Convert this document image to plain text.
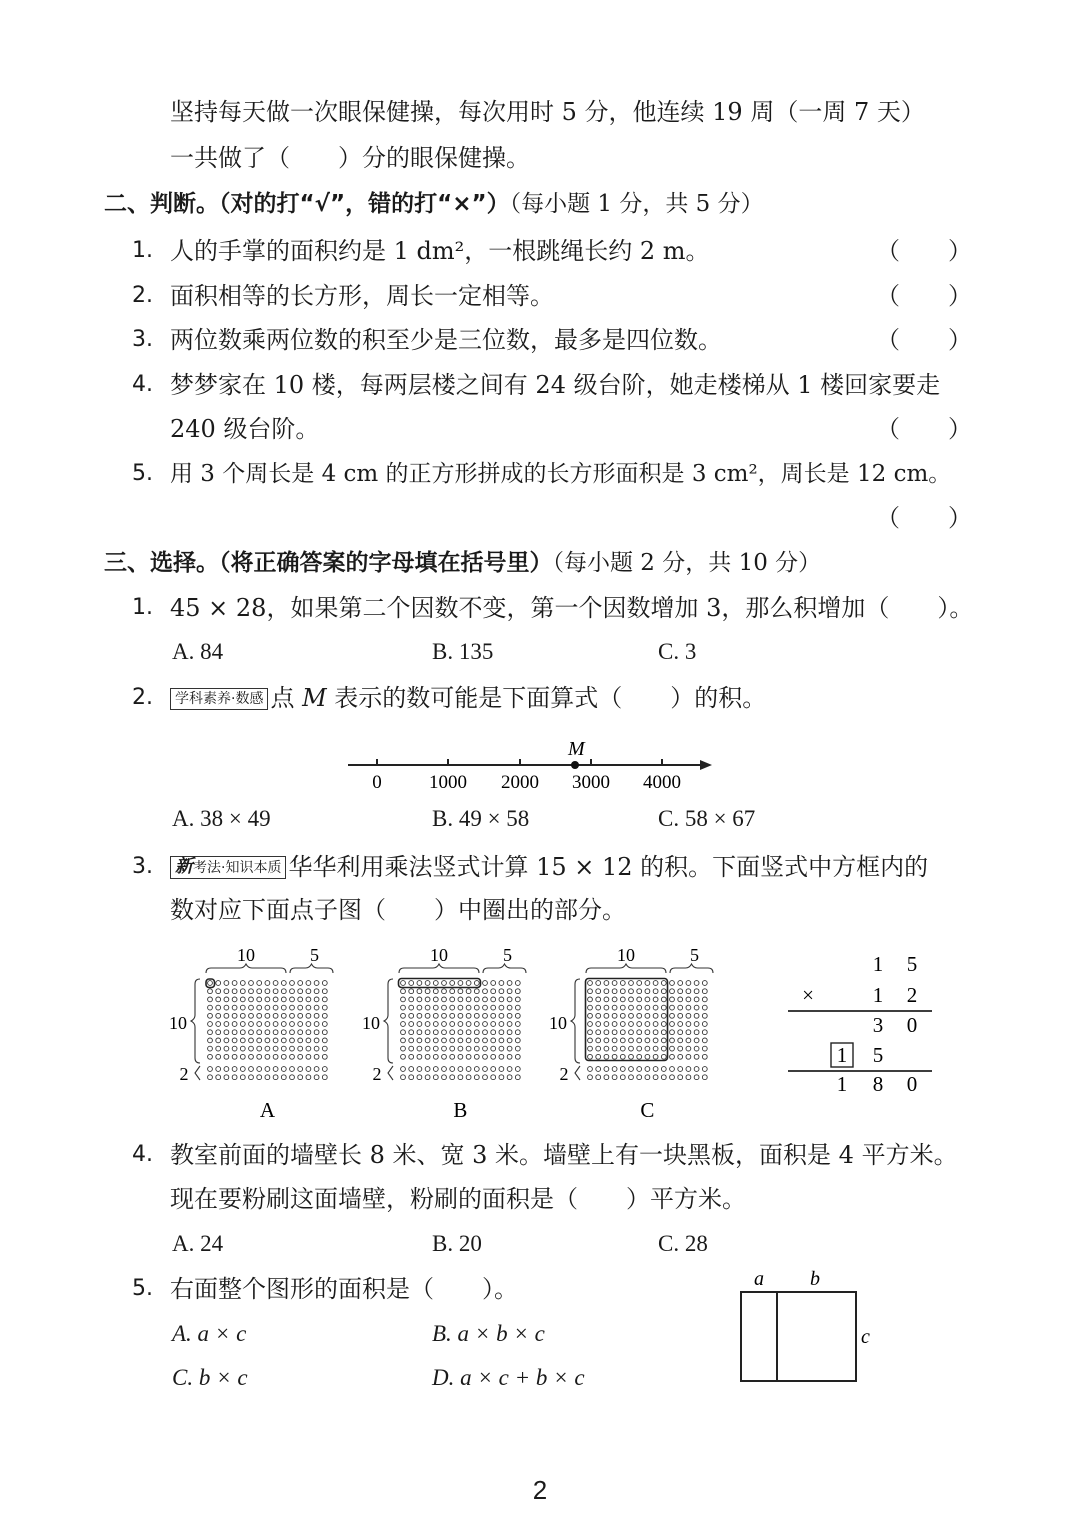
坚持每天做一次眼保健操，每次用时 5 分，他连续 19 周（一周 7 天）
一共做了（　　）分的眼保健操。
二、判断。（对的打“√”，错的打“×”）（每小题 1 分，共 5 分）
1. 人的手掌的面积约是 1 dm²，一根跳绳长约 2 m。	（　　）
2. 面积相等的长方形，周长一定相等。	（　　）
3. 两位数乘两位数的积至少是三位数，最多是四位数。	（　　）
4. 梦梦家在 10 楼，每两层楼之间有 24 级台阶，她走楼梯从 1 楼回家要走
240 级台阶。	（　　）
5. 用 3 个周长是 4 cm 的正方形拼成的长方形面积是 3 cm²，周长是 12 cm。
（　　）
三、选择。（将正确答案的字母填在括号里）（每小题 2 分，共 10 分）
1. 45 × 28，如果第二个因数不变，第一个因数增加 3，那么积增加（　　）。
A. 84	B. 135	C. 3
2.	学科素养·数感 点 M 表示的数可能是下面算式（　　）的积。
M
0 1000 2000 3000 4000
A. 38 × 49	B. 49 × 58	C. 58 × 67
3. 新考法·知识本质 华华利用乘法竖式计算 15 × 12 的积。下面竖式中方框内的
数对应下面点子图（　　）中圈出的部分。
10	5
10
2
A
10	5
10
2
B
10	5
10
2
C
1 5
×	1 2
3 0
1 5
1 8 0
4. 教室前面的墙壁长 8 米、宽 3 米。墙壁上有一块黑板，面积是 4 平方米。
现在要粉刷这面墙壁，粉刷的面积是（　　）平方米。
A. 24	B. 20	C. 28
5. 右面整个图形的面积是（　　）。
A. a × c	B. a × b × c
C. b × c	D. a × c + b × c
a b
c
2
